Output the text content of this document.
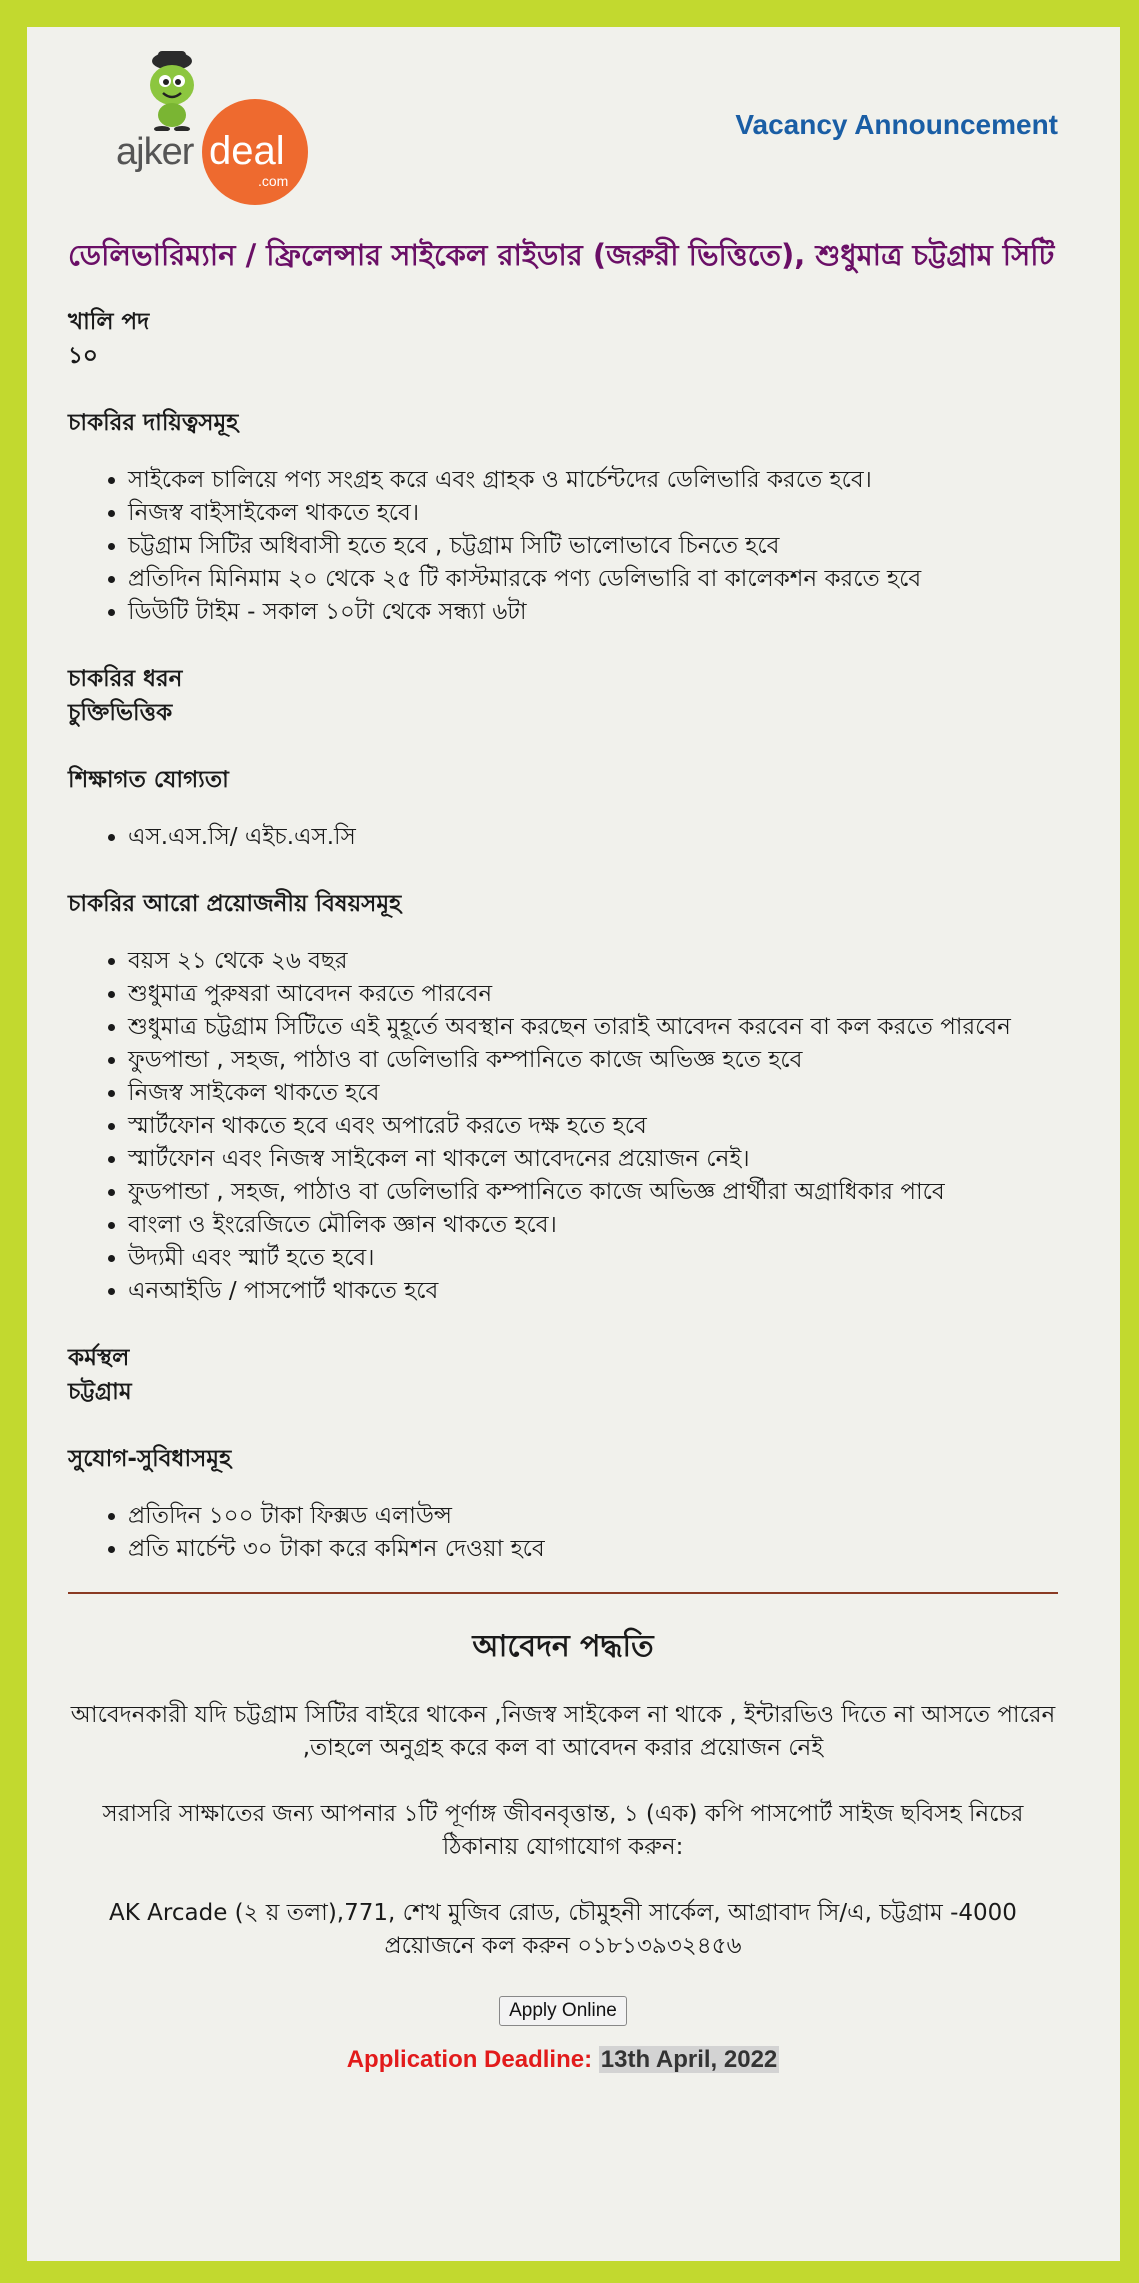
ajker deal
.com
Vacancy Announcement
ডেলিভারিম্যান / ফ্রিলেন্সার সাইকেল রাইডার (জরুরী ভিত্তিতে), শুধুমাত্র চট্টগ্রাম সিটি
খালি পদ
১০
চাকরির দায়িত্বসমূহ
• সাইকেল চালিয়ে পণ্য সংগ্রহ করে এবং গ্রাহক ও মার্চেন্টদের ডেলিভারি করতে হবে।
• নিজস্ব বাইসাইকেল থাকতে হবে।
• চট্টগ্রাম সিটির অধিবাসী হতে হবে , চট্টগ্রাম সিটি ভালোভাবে চিনতে হবে
• প্রতিদিন মিনিমাম ২০ থেকে ২৫ টি কাস্টমারকে পণ্য ডেলিভারি বা কালেকশন করতে হবে
• ডিউটি টাইম - সকাল ১০টা থেকে সন্ধ্যা ৬টা
চাকরির ধরন
চুক্তিভিত্তিক
শিক্ষাগত যোগ্যতা
• এস.এস.সি/ এইচ.এস.সি
চাকরির আরো প্রয়োজনীয় বিষয়সমূহ
• বয়স ২১ থেকে ২৬ বছর
• শুধুমাত্র পুরুষরা আবেদন করতে পারবেন
• শুধুমাত্র চট্টগ্রাম সিটিতে এই মুহূর্তে অবস্থান করছেন তারাই আবেদন করবেন বা কল করতে পারবেন
• ফুডপান্ডা , সহজ, পাঠাও বা ডেলিভারি কম্পানিতে কাজে অভিজ্ঞ হতে হবে
• নিজস্ব সাইকেল থাকতে হবে
• স্মার্টফোন থাকতে হবে এবং অপারেট করতে দক্ষ হতে হবে
• স্মার্টফোন এবং নিজস্ব সাইকেল না থাকলে আবেদনের প্রয়োজন নেই।
• ফুডপান্ডা , সহজ, পাঠাও বা ডেলিভারি কম্পানিতে কাজে অভিজ্ঞ প্রার্থীরা অগ্রাধিকার পাবে
• বাংলা ও ইংরেজিতে মৌলিক জ্ঞান থাকতে হবে।
• উদ্যমী এবং স্মার্ট হতে হবে।
• এনআইডি / পাসপোর্ট থাকতে হবে
কর্মস্থল
চট্টগ্রাম
সুযোগ-সুবিধাসমূহ
• প্রতিদিন ১০০ টাকা ফিক্সড এলাউন্স
• প্রতি মার্চেন্ট ৩০ টাকা করে কমিশন দেওয়া হবে
আবেদন পদ্ধতি

আবেদনকারী যদি চট্টগ্রাম সিটির বাইরে থাকেন ,নিজস্ব সাইকেল না থাকে , ইন্টারভিও দিতে না আসতে পারেন ,তাহলে অনুগ্রহ করে কল বা আবেদন করার প্রয়োজন নেই

সরাসরি সাক্ষাতের জন্য আপনার ১টি পূর্ণাঙ্গ জীবনবৃত্তান্ত, ১ (এক) কপি পাসপোর্ট সাইজ ছবিসহ নিচের ঠিকানায় যোগাযোগ করুন:

AK Arcade (২ য় তলা),771, শেখ মুজিব রোড, চৌমুহনী সার্কেল, আগ্রাবাদ সি/এ, চট্টগ্রাম -4000
প্রয়োজনে কল করুন ০১৮১৩৯৩২৪৫৬

Apply Online
Application Deadline: 13th April, 2022
